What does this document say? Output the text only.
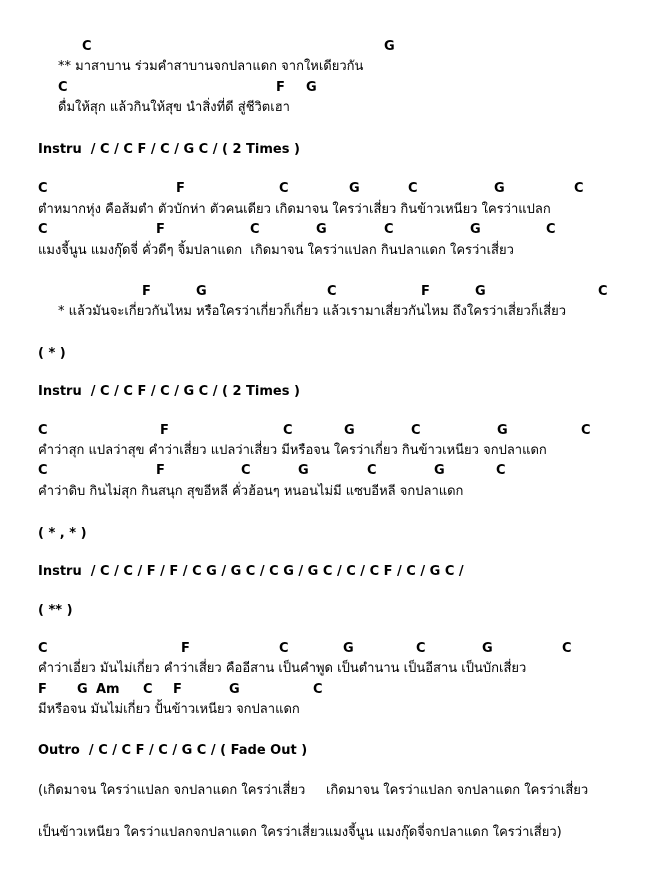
C

	G

** มาสาบาน ร่วมคำสาบานจกปลาแดก จากใหเดียวกัน

C

	F

G

ดื่มให้สุก แล้วกินให้สุข นำสิ่งที่ดี สู่ชีวิตเฮา
Instru  / C / C F / C / G C / ( 2 Times )

C

	F

	C

	G

	C

	G

	C

ตำหมากหุ่ง คือส้มตำ ตัวบักห่า ตัวคนเดียว เกิดมาจน ใครว่าเสี่ยว กินข้าวเหนียว ใครว่าแปลก

C

	F

	C

	G

	C

	G

	C

แมงจี้นูน แมงกุ๊ดจี่ คั่วดีๆ จิ้มปลาแดก  เกิดมาจน ใครว่าแปลก กินปลาแดก ใครว่าเสี่ยว

F

	G

	C

	F

	G

	C

* แล้วมันจะเกี่ยวกันไหม หรือใครว่าเกี่ยวก็เกี่ยว แล้วเรามาเสี่ยวกันไหม ถึงใครว่าเสี่ยวก็เสี่ยว
( * )
Instru  / C / C F / C / G C / ( 2 Times )

C

	F

	C

	G

	C

	G

	C

คำว่าสุก แปลว่าสุข คำว่าเสี่ยว แปลว่าเสี่ยว มีหรือจน ใครว่าเกี่ยว กินข้าวเหนียว จกปลาแดก

C

	F

	C

	G

	C

	G

	C

คำว่าดิบ กินไม่สุก กินสนุก สุขอีหลี คั่วฮ้อนๆ หนอนไม่มี แซบอีหลี จกปลาแดก
( * , * )
Instru  / C / C / F / F / C G / G C / C G / G C / C / C F / C / G C /
( ** )

C

	F

	C

	G

	C

	G

	C

คำว่าเอี่ยว มันไม่เกี่ยว คำว่าเสี่ยว คืออีสาน เป็นคำพูด เป็นตำนาน เป็นอีสาน เป็นบักเสี่ยว

F

G

Am

C

F

	G

	C

มีหรือจน มันไม่เกี่ยว ปั้นข้าวเหนียว จกปลาแดก
Outro  / C / C F / C / G C / ( Fade Out )
(เกิดมาจน ใครว่าแปลก จกปลาแดก ใครว่าเสี่ยว     เกิดมาจน ใครว่าแปลก จกปลาแดก ใครว่าเสี่ยว
เป็นข้าวเหนียว ใครว่าแปลกจกปลาแดก ใครว่าเสี่ยวแมงจี้นูน แมงกุ๊ดจี่จกปลาแดก ใครว่าเสี่ยว)
